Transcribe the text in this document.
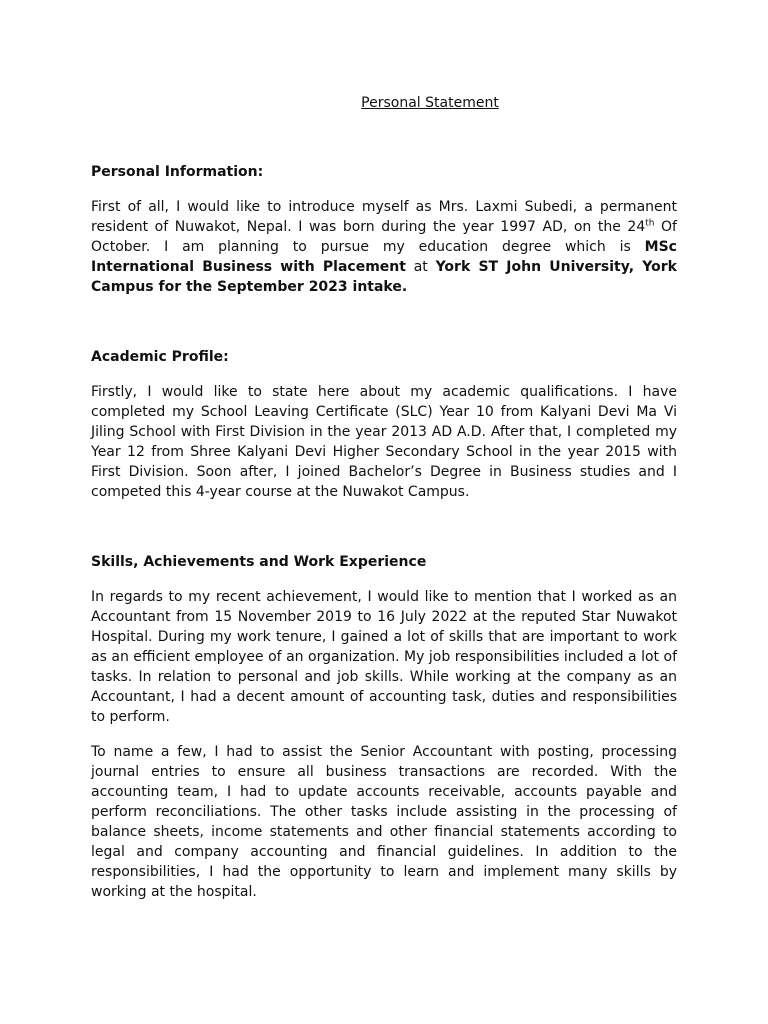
Personal Statement
Personal Information:

First of all, I would like to introduce myself as Mrs. Laxmi Subedi, a permanent resident of Nuwakot, Nepal. I was born during the year 1997 AD, on the 24th Of October. I am planning to pursue my education degree which is MSc International Business with Placement at York ST John University, York Campus for the September 2023 intake.

Academic Profile:

Firstly, I would like to state here about my academic qualifications. I have completed my School Leaving Certificate (SLC) Year 10 from Kalyani Devi Ma Vi Jiling School with First Division in the year 2013 AD A.D. After that, I completed my Year 12 from Shree Kalyani Devi Higher Secondary School in the year 2015 with First Division. Soon after, I joined Bachelor’s Degree in Business studies and I competed this 4-year course at the Nuwakot Campus.

Skills, Achievements and Work Experience

In regards to my recent achievement, I would like to mention that I worked as an Accountant from 15 November 2019 to 16 July 2022 at the reputed Star Nuwakot Hospital. During my work tenure, I gained a lot of skills that are important to work as an efficient employee of an organization. My job responsibilities included a lot of tasks. In relation to personal and job skills. While working at the company as an Accountant, I had a decent amount of accounting task, duties and responsibilities to perform.

To name a few, I had to assist the Senior Accountant with posting, processing journal entries to ensure all business transactions are recorded. With the accounting team, I had to update accounts receivable, accounts payable and perform reconciliations. The other tasks include assisting in the processing of balance sheets, income statements and other financial statements according to legal and company accounting and financial guidelines. In addition to the responsibilities, I had the opportunity to learn and implement many skills by working at the hospital.
